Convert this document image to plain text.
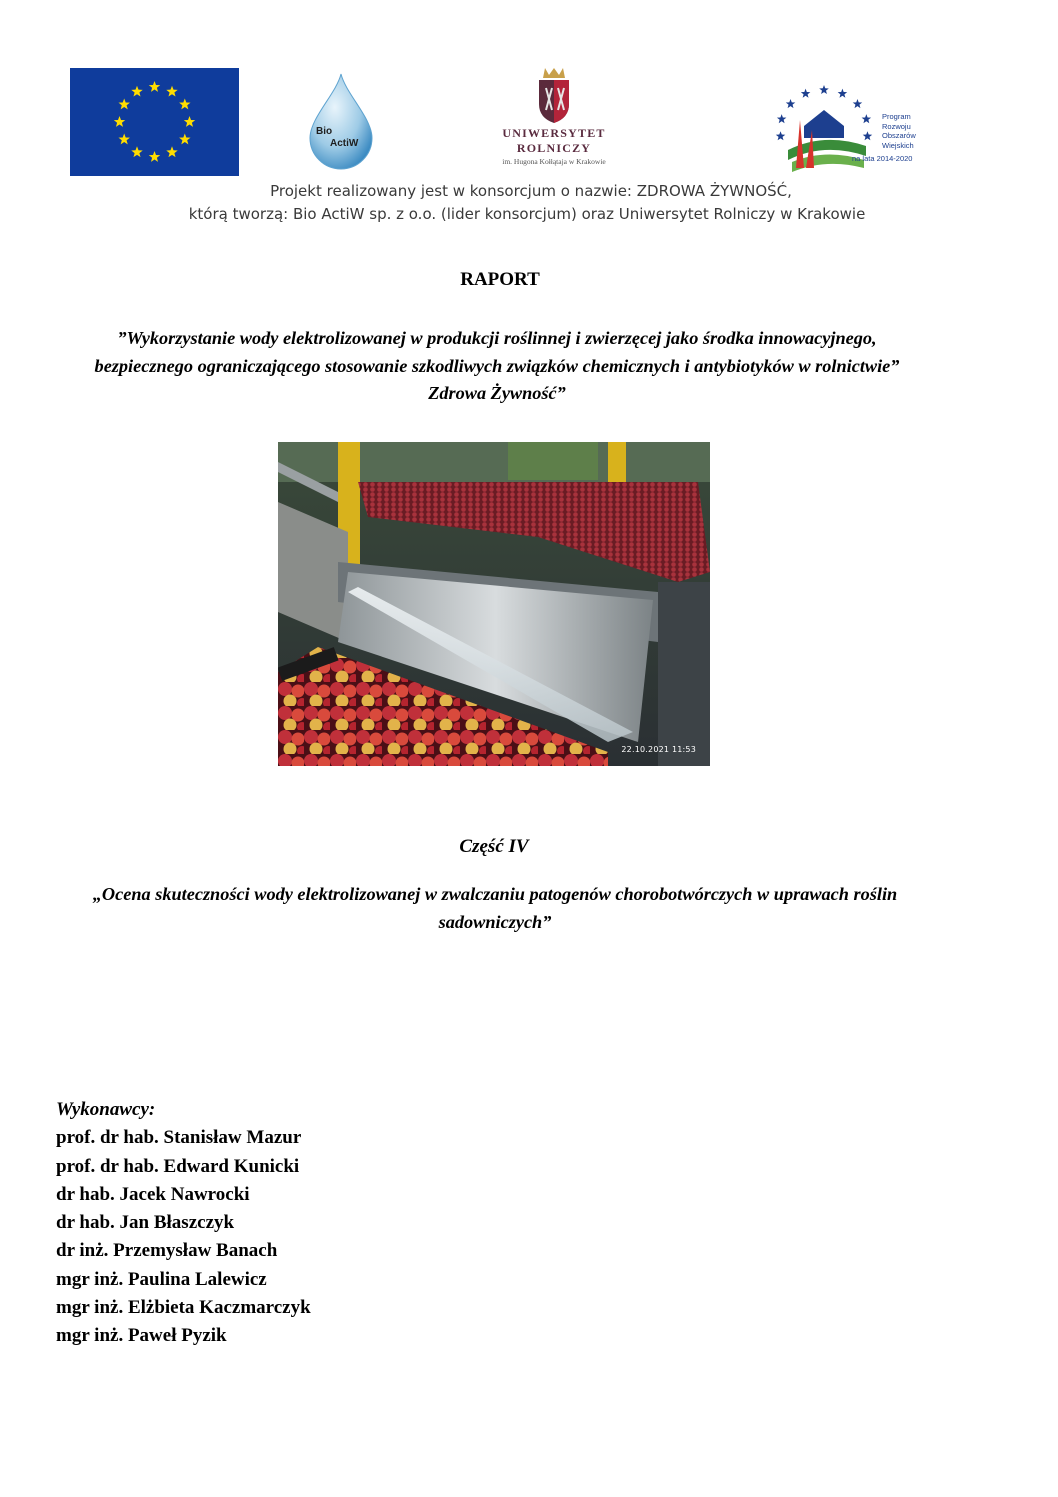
Bio
ActiW
UNIWERSYTET ROLNICZY
im. Hugona Kołłątaja w Krakowie
Program
Rozwoju
Obszarów
Wiejskich
na lata 2014-2020

Projekt realizowany jest w konsorcjum o nazwie: ZDROWA ŻYWNOŚĆ,

którą tworzą: Bio ActiW sp. z o.o. (lider konsorcjum) oraz Uniwersytet Rolniczy w Krakowie

RAPORT

”Wykorzystanie wody elektrolizowanej w produkcji roślinnej i zwierzęcej jako środka innowacyjnego, bezpiecznego ograniczającego stosowanie szkodliwych związków chemicznych i antybiotyków w rolnictwie” Zdrowa Żywność”

22.10.2021 11:53
Część IV

„Ocena skuteczności wody elektrolizowanej w zwalczaniu patogenów chorobotwórczych w uprawach roślin sadowniczych”

Wykonawcy:
prof. dr hab. Stanisław Mazur
prof. dr hab. Edward Kunicki
dr hab. Jacek Nawrocki
dr hab. Jan Błaszczyk
dr inż. Przemysław Banach
mgr inż. Paulina Lalewicz
mgr inż. Elżbieta Kaczmarczyk
mgr inż. Paweł Pyzik
